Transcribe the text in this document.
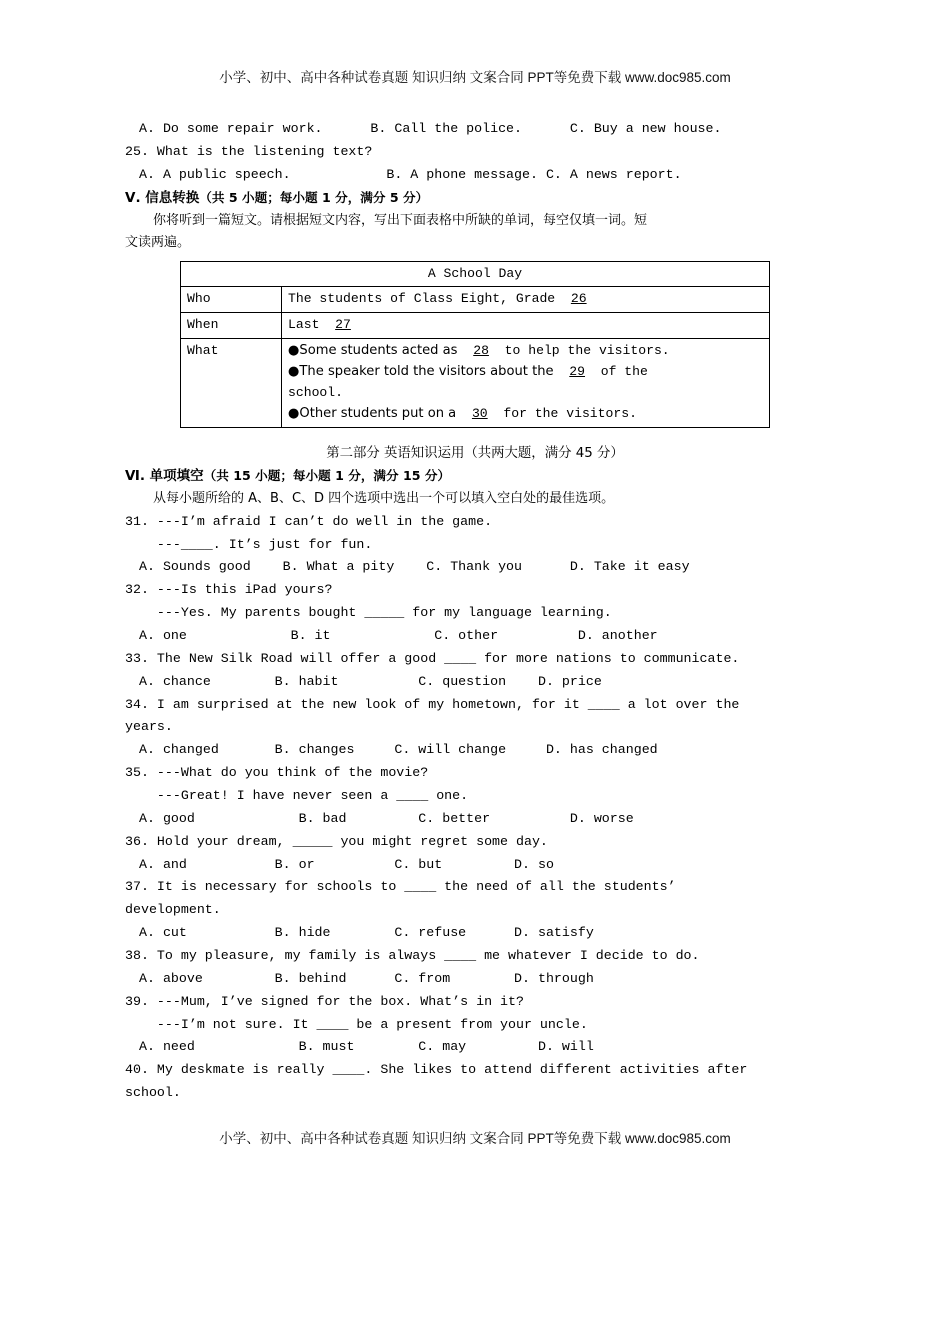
小学、初中、高中各种试卷真题 知识归纳 文案合同 PPT等免费下载 www.doc985.com
A. Do some repair work.      B. Call the police.      C. Buy a new house.
25. What is the listening text?
A. A public speech.            B. A phone message. C. A news report.
Ⅴ. 信息转换（共 5 小题；每小题 1 分，满分 5 分）
你将听到一篇短文。请根据短文内容，写出下面表格中所缺的单词，每空仅填一词。短
文读两遍。
A School Day	
Who	The students of Class Eight, Grade 26
When	Last 27
What	●Some students acted as 28 to help the visitors.
●The speaker told the visitors about the 29 of the
school.
●Other students put on a 30 for the visitors.
第二部分 英语知识运用（共两大题，满分 45 分）
Ⅵ. 单项填空（共 15 小题；每小题 1 分，满分 15 分）
从每小题所给的 A、B、C、D 四个选项中选出一个可以填入空白处的最佳选项。
31. ---I’m afraid I can’t do well in the game.
---____. It’s just for fun.
A. Sounds good    B. What a pity    C. Thank you      D. Take it easy
32. ---Is this iPad yours?
---Yes. My parents bought _____ for my language learning.
A. one             B. it             C. other          D. another
33. The New Silk Road will offer a good ____ for more nations to communicate.
A. chance        B. habit          C. question    D. price
34. I am surprised at the new look of my hometown, for it ____ a lot over the
years.
A. changed       B. changes     C. will change     D. has changed
35. ---What do you think of the movie?
---Great! I have never seen a ____ one.
A. good             B. bad         C. better          D. worse
36. Hold your dream, _____ you might regret some day.
A. and           B. or          C. but         D. so
37. It is necessary for schools to ____ the need of all the students’
development.
A. cut           B. hide        C. refuse      D. satisfy
38. To my pleasure, my family is always ____ me whatever I decide to do.
A. above         B. behind      C. from        D. through
39. ---Mum, I’ve signed for the box. What’s in it?
---I’m not sure. It ____ be a present from your uncle.
A. need             B. must        C. may         D. will
40. My deskmate is really ____. She likes to attend different activities after
school.
小学、初中、高中各种试卷真题 知识归纳 文案合同 PPT等免费下载 www.doc985.com
